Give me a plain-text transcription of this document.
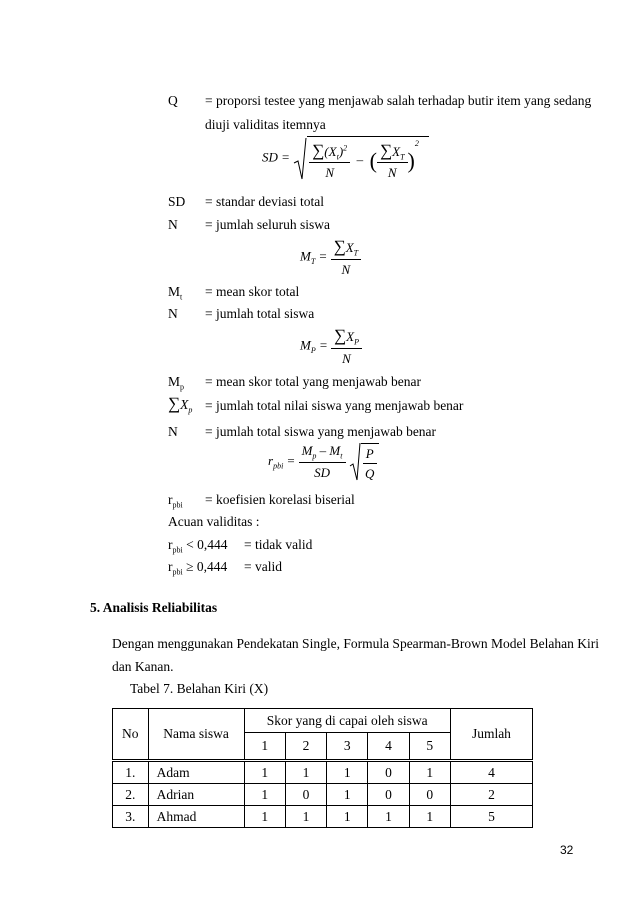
Q = proporsi testee yang menjawab salah terhadap butir item yang sedang
diuji validitas itemnya
SD = $\frac{\sum(X_t)^2}{N}$ –  ( $\frac{\sum X_T}{N} )^2$
SD = standar deviasi total
N = jumlah seluruh siswa
$M_T = \frac{\sum X_T}{N}$
$M_t$ = mean skor total
N = jumlah total siswa
$M_P = \frac{\sum X_P}{N}$
$M_p$ = mean skor total yang menjawab benar
$\sum X_p$ = jumlah total nilai siswa yang menjawab benar
N = jumlah total siswa yang menjawab benar
$r_{pbi} = \frac{M_p - M_t}{SD}$
$\frac{P}{Q}$
$r_{pbi}$ = koefisien korelasi biserial
Acuan validitas :
$r_{pbi} < 0,444$ = tidak valid
$r_{pbi} \ge 0,444$ = valid
5. Analisis Reliabilitas
Dengan menggunakan Pendekatan Single, Formula Spearman-Brown Model Belahan Kiri
dan Kanan.
Tabel 7. Belahan Kiri (X)
No	Nama siswa	Skor yang di capai oleh siswa					Jumlah
		1	2	3	4	5	
1.	Adam	1	1	1	0	1	4
2.	Adrian	1	0	1	0	0	2
3.	Ahmad	1	1	1	1	1	5
32
